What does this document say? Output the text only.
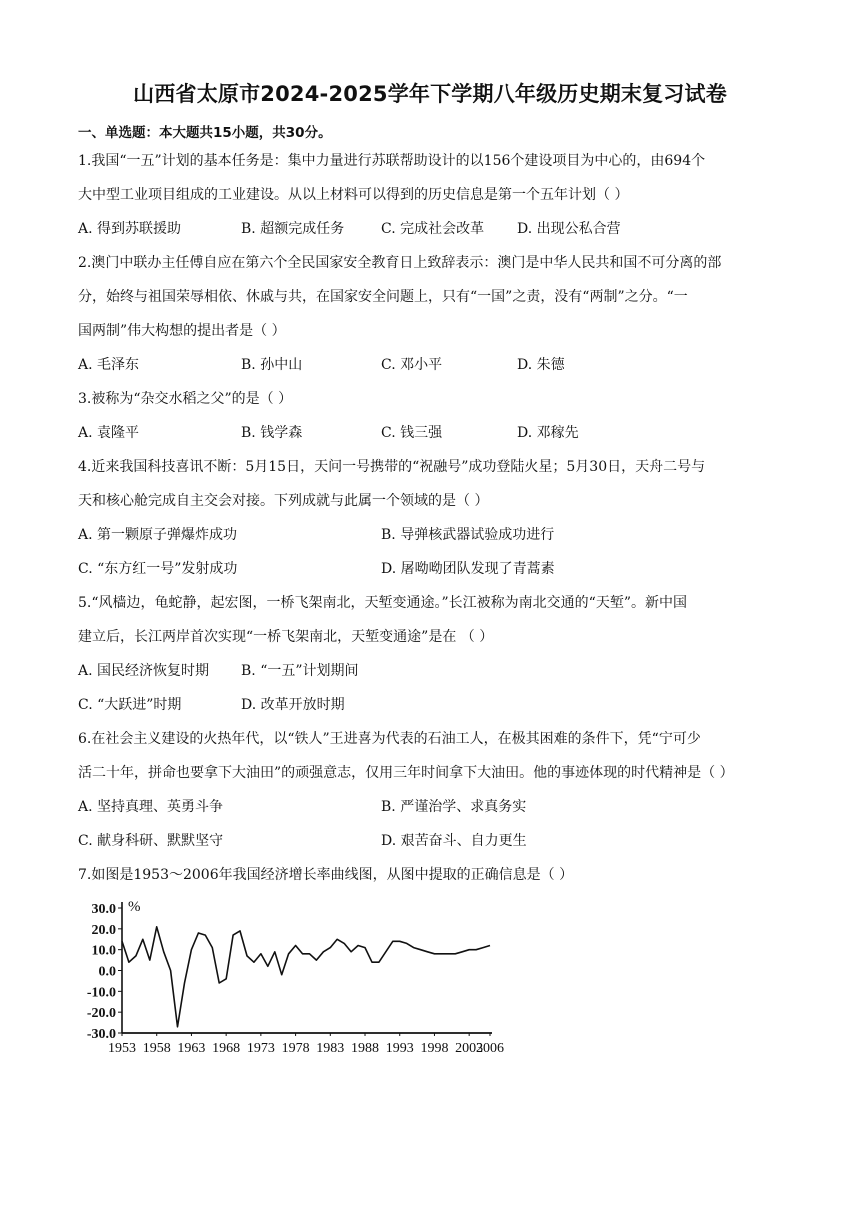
山西省太原市2024-2025学年下学期八年级历史期末复习试卷
一、单选题：本大题共15小题，共30分。
1.我国“一五”计划的基本任务是：集中力量进行苏联帮助设计的以156个建设项目为中心的，由694个
大中型工业项目组成的工业建设。从以上材料可以得到的历史信息是第一个五年计划（ ）
A. 得到苏联援助	B. 超额完成任务	C. 完成社会改革 D. 出现公私合营
2.澳门中联办主任傅自应在第六个全民国家安全教育日上致辞表示：澳门是中华人民共和国不可分离的部
分，始终与祖国荣辱相依、休戚与共，在国家安全问题上，只有“一国”之责，没有“两制”之分。“一
国两制”伟大构想的提出者是（ ）
A. 毛泽东	B. 孙中山	C. 邓小平	D. 朱德
3.被称为“杂交水稻之父”的是（ ）
A. 袁隆平	B. 钱学森	C. 钱三强	D. 邓稼先
4.近来我国科技喜讯不断：5月15日，天问一号携带的“祝融号”成功登陆火星；5月30日，天舟二号与
天和核心舱完成自主交会对接。下列成就与此属一个领域的是（ ）
A. 第一颗原子弹爆炸成功	B. 导弹核武器试验成功进行
C. “东方红一号”发射成功	D. 屠呦呦团队发现了青蒿素
5.“风樯边，龟蛇静，起宏图，一桥飞架南北，天堑变通途。”长江被称为南北交通的“天堑”。新中国
建立后，长江两岸首次实现“一桥飞架南北，天堑变通途”是在 （ ）
A. 国民经济恢复时期 B. “一五”计划期间
C. “大跃进”时期	D. 改革开放时期
6.在社会主义建设的火热年代，以“铁人”王进喜为代表的石油工人，在极其困难的条件下，凭“宁可少
活二十年，拼命也要拿下大油田”的顽强意志，仅用三年时间拿下大油田。他的事迹体现的时代精神是（ ）
A. 坚持真理、英勇斗争	B. 严谨治学、求真务实
C. 献身科研、默默坚守	D. 艰苦奋斗、自力更生
7.如图是1953～2006年我国经济增长率曲线图，从图中提取的正确信息是（ ）
%
30.0
20.0
10.0
0.0
-10.0
-20.0
-30.0
1953 1958 1963 1968 1973 1978 1983 1988 1993 1998 2003
2006
